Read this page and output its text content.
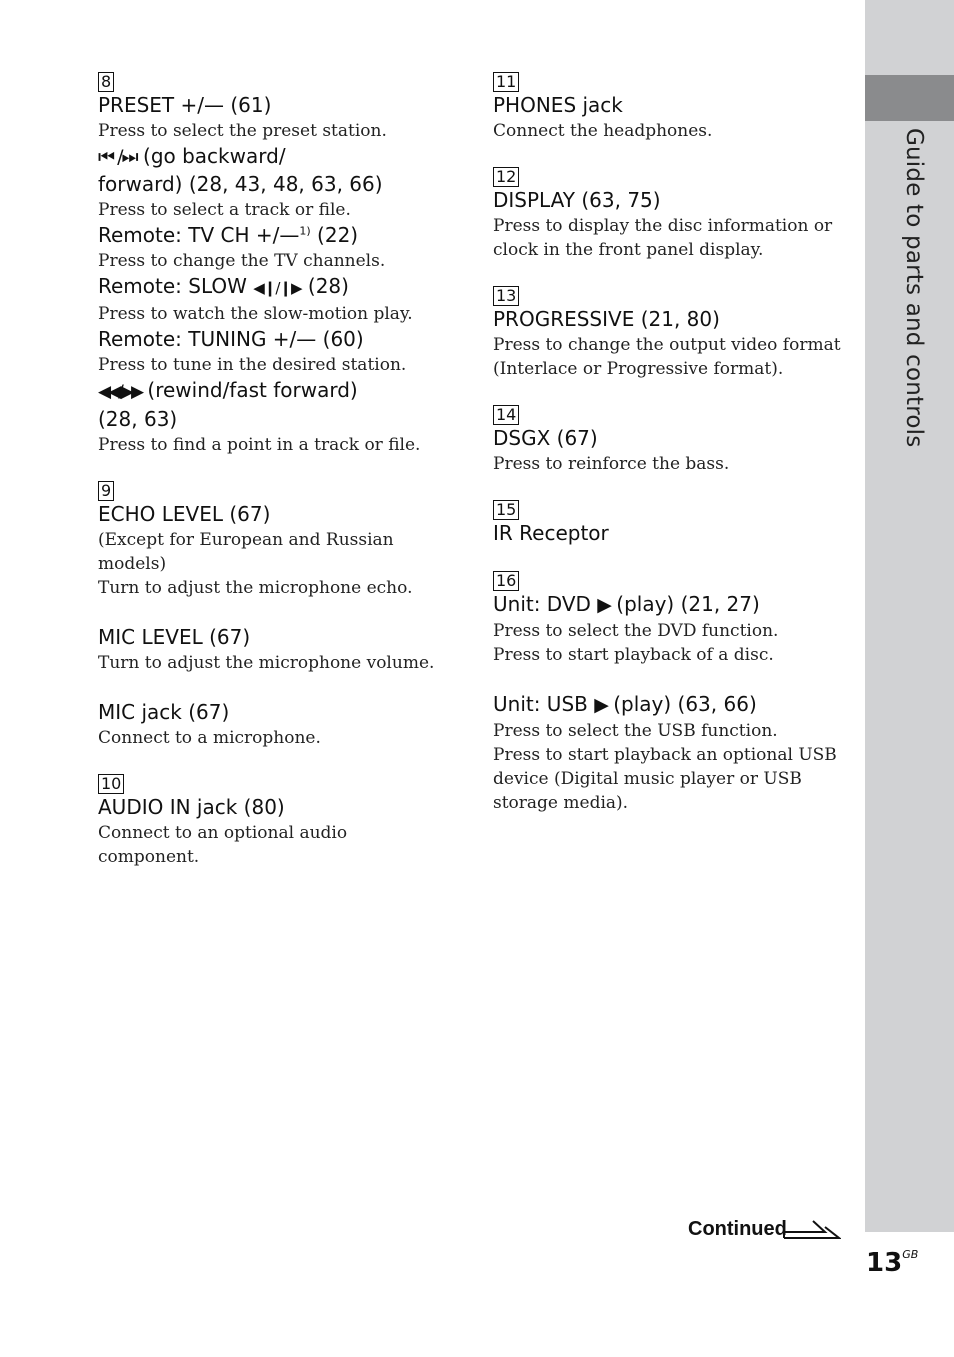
Guide to parts and controls
8
PRESET +/— (61)
Press to select the preset station.
⏮ /⏭ (go backward/
forward) (28, 43, 48, 63, 66)
Press to select a track or file.
Remote: TV CH +/—$^{1)}$ (22)
Press to change the TV channels.
Remote: SLOW ◀❙/❙▶ (28)
Press to watch the slow-motion play.
Remote: TUNING +/— (60)
Press to tune in the desired station.
◀◀/▶▶ (rewind/fast forward)
(28, 63)
Press to find a point in a track or file.
9
ECHO LEVEL (67)
(Except for European and Russian
models)
Turn to adjust the microphone echo.
MIC LEVEL (67)
Turn to adjust the microphone volume.
MIC jack (67)
Connect to a microphone.
10
AUDIO IN jack (80)
Connect to an optional audio
component.
11
PHONES jack
Connect the headphones.
12
DISPLAY (63, 75)
Press to display the disc information or
clock in the front panel display.
13
PROGRESSIVE (21, 80)
Press to change the output video format
(Interlace or Progressive format).
14
DSGX (67)
Press to reinforce the bass.
15
IR Receptor
16
Unit: DVD ▶ (play) (21, 27)
Press to select the DVD function.
Press to start playback of a disc.
Unit: USB ▶ (play) (63, 66)
Press to select the USB function.
Press to start playback an optional USB
device (Digital music player or USB
storage media).
Continued
$13^{GB}$
